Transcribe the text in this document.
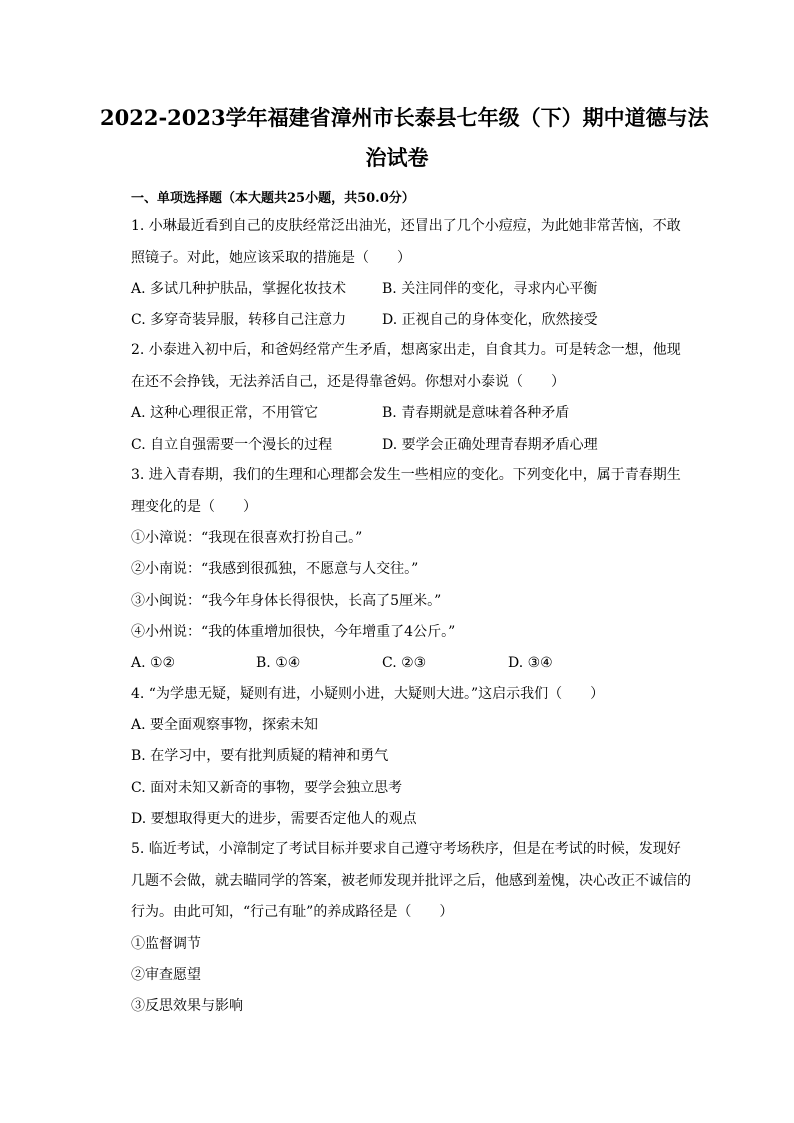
2022-2023学年福建省漳州市长泰县七年级（下）期中道德与法
治试卷
一、单项选择题（本大题共25小题，共50.0分）
1. 小琳最近看到自己的皮肤经常泛出油光，还冒出了几个小痘痘，为此她非常苦恼，不敢照镜子。对此，她应该采取的措施是（　　）
A. 多试几种护肤品，掌握化妆技术	B. 关注同伴的变化，寻求内心平衡
C. 多穿奇装异服，转移自己注意力	D. 正视自己的身体变化，欣然接受
2. 小泰进入初中后，和爸妈经常产生矛盾，想离家出走，自食其力。可是转念一想，他现在还不会挣钱，无法养活自己，还是得靠爸妈。你想对小泰说（　　）
A. 这种心理很正常，不用管它	B. 青春期就是意味着各种矛盾
C. 自立自强需要一个漫长的过程	D. 要学会正确处理青春期矛盾心理
3. 进入青春期，我们的生理和心理都会发生一些相应的变化。下列变化中，属于青春期生理变化的是（　　）
①小漳说：“我现在很喜欢打扮自己。”
②小南说：“我感到很孤独，不愿意与人交往。”
③小闽说：“我今年身体长得很快，长高了5厘米。”
④小州说：“我的体重增加很快，今年增重了4公斤。”
A. ①②	B. ①④	C. ②③	D. ③④
4. “为学患无疑，疑则有进，小疑则小进，大疑则大进。”这启示我们（　　）
A. 要全面观察事物，探索未知
B. 在学习中，要有批判质疑的精神和勇气
C. 面对未知又新奇的事物，要学会独立思考
D. 要想取得更大的进步，需要否定他人的观点
5. 临近考试，小漳制定了考试目标并要求自己遵守考场秩序，但是在考试的时候，发现好几题不会做，就去瞄同学的答案，被老师发现并批评之后，他感到羞愧，决心改正不诚信的行为。由此可知，“行己有耻”的养成路径是（　　）
①监督调节
②审查愿望
③反思效果与影响
